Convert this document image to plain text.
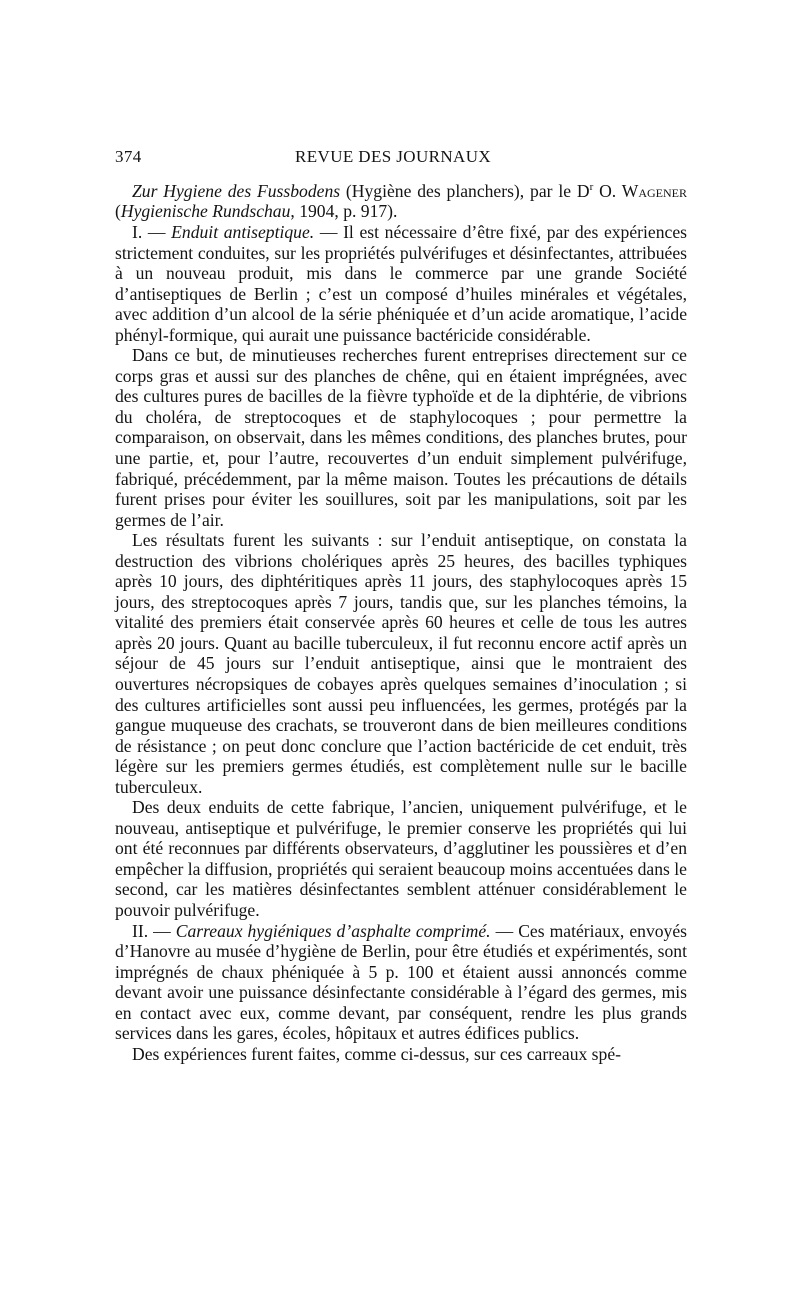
374	REVUE DES JOURNAUX

Zur Hygiene des Fussbodens (Hygiène des planchers), par le $D^r$ O. Wagener (Hygienische Rundschau, 1904, p. 917).

I. — Enduit antiseptique. — Il est nécessaire d’être fixé, par des expériences strictement conduites, sur les propriétés pulvérifuges et désinfectantes, attribuées à un nouveau produit, mis dans le commerce par une grande Société d’antiseptiques de Berlin ; c’est un composé d’huiles minérales et végétales, avec addition d’un alcool de la série phéniquée et d’un acide aromatique, l’acide phényl-formique, qui aurait une puissance bactéricide considérable.

Dans ce but, de minutieuses recherches furent entreprises directement sur ce corps gras et aussi sur des planches de chêne, qui en étaient imprégnées, avec des cultures pures de bacilles de la fièvre typhoïde et de la diphtérie, de vibrions du choléra, de streptocoques et de staphylocoques ; pour permettre la comparaison, on observait, dans les mêmes conditions, des planches brutes, pour une partie, et, pour l’autre, recouvertes d’un enduit simplement pulvérifuge, fabriqué, précédemment, par la même maison. Toutes les précautions de détails furent prises pour éviter les souillures, soit par les manipulations, soit par les germes de l’air.

Les résultats furent les suivants : sur l’enduit antiseptique, on constata la destruction des vibrions cholériques après 25 heures, des bacilles typhiques après 10 jours, des diphtéritiques après 11 jours, des staphylocoques après 15 jours, des streptocoques après 7 jours, tandis que, sur les planches témoins, la vitalité des premiers était conservée après 60 heures et celle de tous les autres après 20 jours. Quant au bacille tuberculeux, il fut reconnu encore actif après un séjour de 45 jours sur l’enduit antiseptique, ainsi que le montraient des ouvertures nécropsiques de cobayes après quelques semaines d’inoculation ; si des cultures artificielles sont aussi peu influencées, les germes, protégés par la gangue muqueuse des crachats, se trouveront dans de bien meilleures conditions de résistance ; on peut donc conclure que l’action bactéricide de cet enduit, très légère sur les premiers germes étudiés, est complètement nulle sur le bacille tuberculeux.

Des deux enduits de cette fabrique, l’ancien, uniquement pulvérifuge, et le nouveau, antiseptique et pulvérifuge, le premier conserve les propriétés qui lui ont été reconnues par différents observateurs, d’agglutiner les poussières et d’en empêcher la diffusion, propriétés qui seraient beaucoup moins accentuées dans le second, car les matières désinfectantes semblent atténuer considérablement le pouvoir pulvérifuge.

II. — Carreaux hygiéniques d’asphalte comprimé. — Ces matériaux, envoyés d’Hanovre au musée d’hygiène de Berlin, pour être étudiés et expérimentés, sont imprégnés de chaux phéniquée à 5 p. 100 et étaient aussi annoncés comme devant avoir une puissance désinfectante considérable à l’égard des germes, mis en contact avec eux, comme devant, par conséquent, rendre les plus grands services dans les gares, écoles, hôpitaux et autres édifices publics.

Des expériences furent faites, comme ci-dessus, sur ces carreaux spé-
